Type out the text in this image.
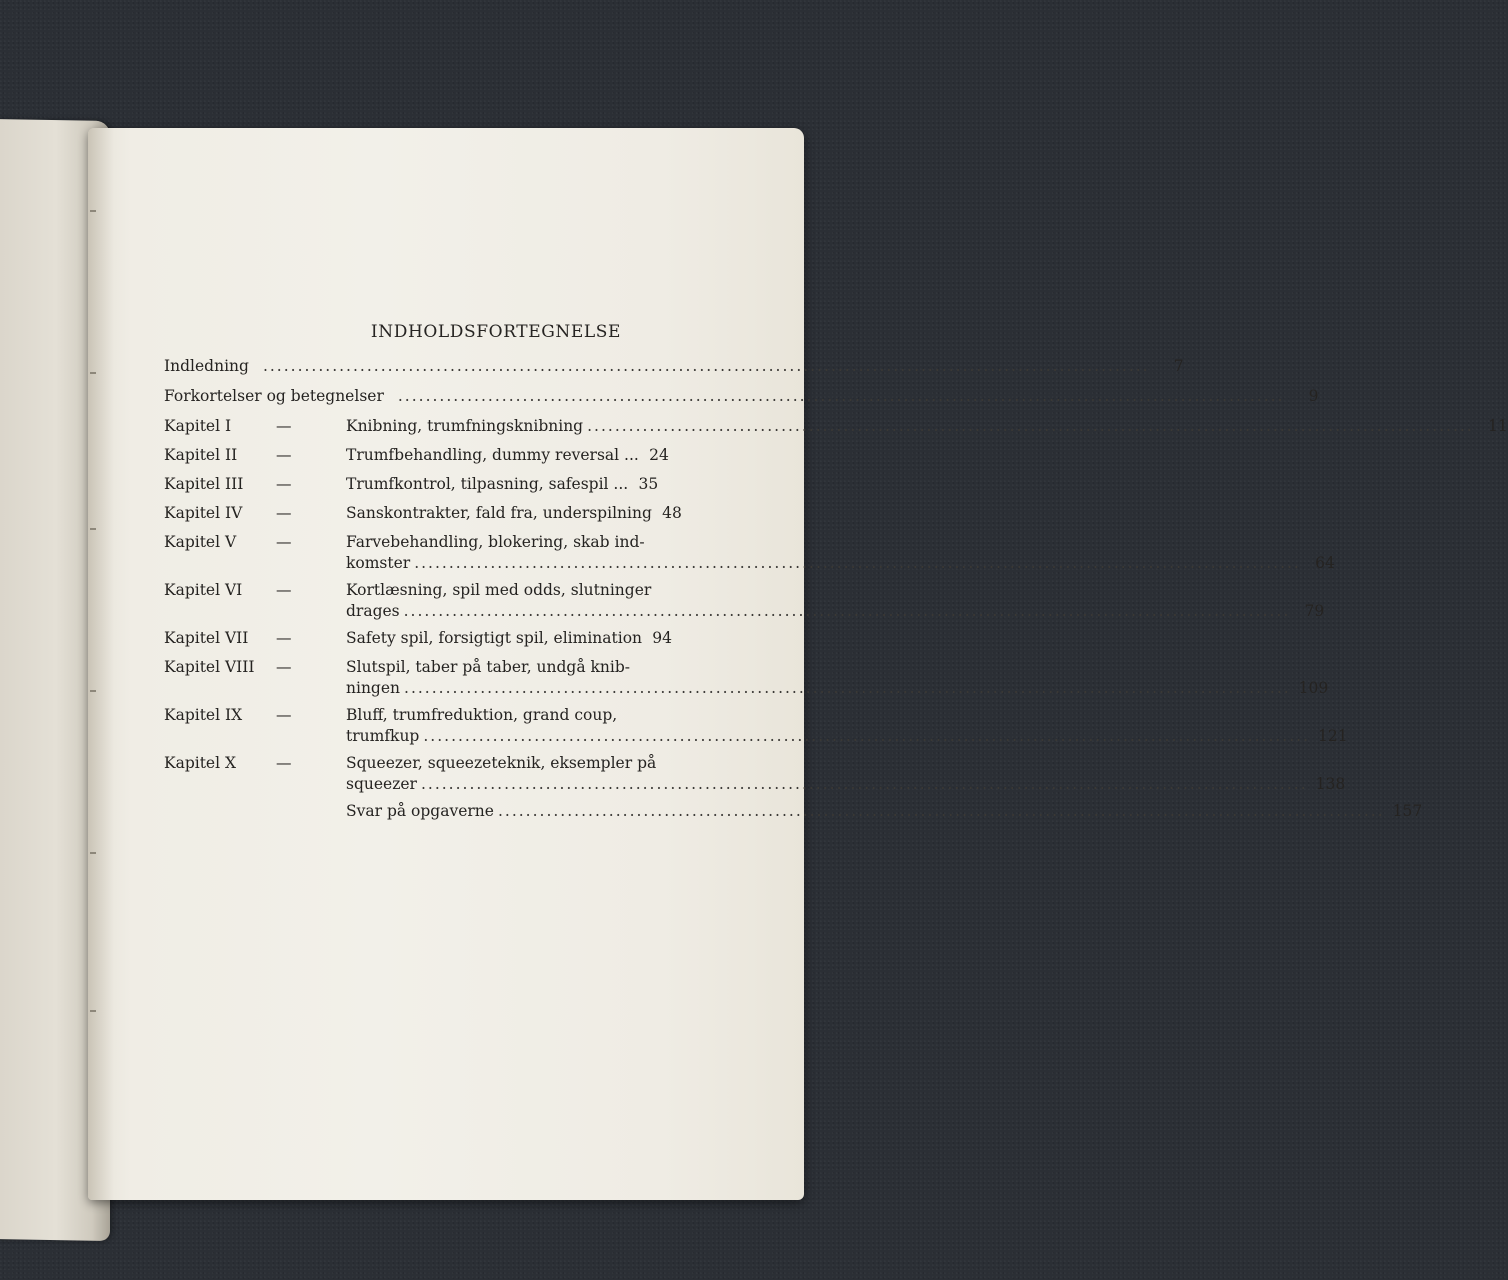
INDHOLDSFORTEGNELSE
Indledning .....	7
Forkortelser og betegnelser .....	9
Kapitel I	—	Knibning, trumfningsknibning .....	11
Kapitel II	—	Trumfbehandling, dummy reversal ... 24
Kapitel III	—	Trumfkontrol, tilpasning, safespil ... 35
Kapitel IV	—	Sanskontrakter, fald fra, underspilning 48
Kapitel V	—	Farvebehandling, blokering, skab ind-
komster .....	64
Kapitel VI	—	Kortlæsning, spil med odds, slutninger
drages .....	79
Kapitel VII	—	Safety spil, forsigtigt spil, elimination 94
Kapitel VIII	—	Slutspil, taber på taber, undgå knib-
ningen .....	109
Kapitel IX	—	Bluff, trumfreduktion, grand coup,
trumfkup .....	121
Kapitel X	—	Squeezer, squeezeteknik, eksempler på
squeezer .....	138
Svar på opgaverne .....	157
